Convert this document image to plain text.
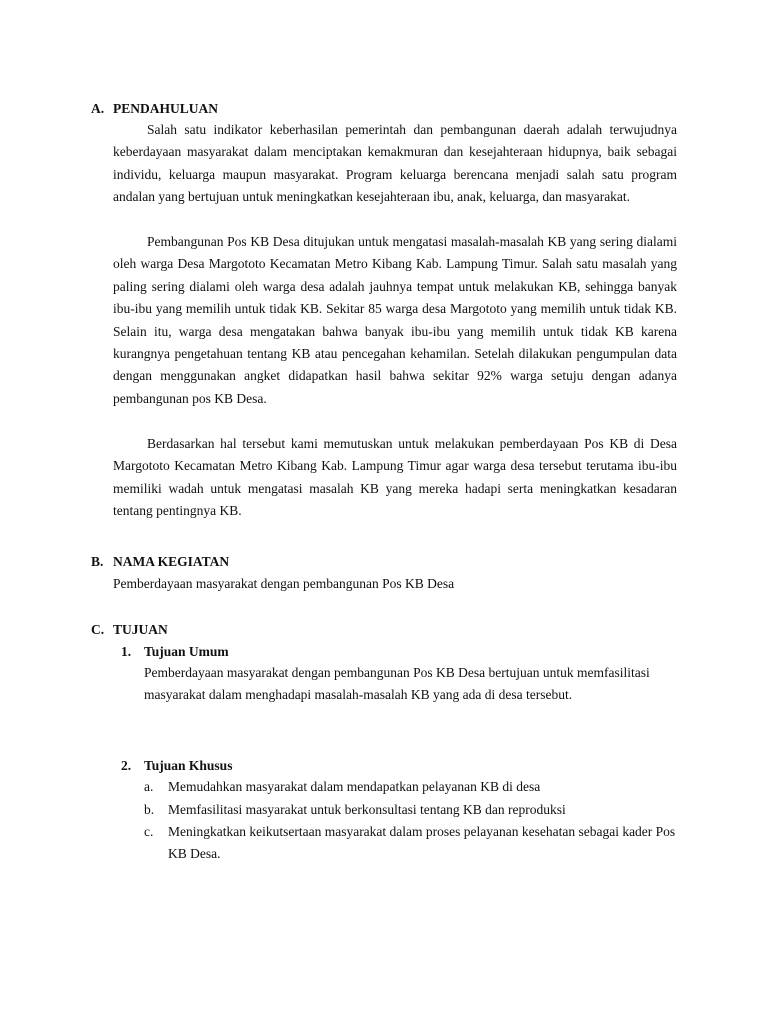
A. PENDAHULUAN

Salah satu indikator keberhasilan pemerintah dan pembangunan daerah adalah terwujudnya keberdayaan masyarakat dalam menciptakan kemakmuran dan kesejahteraan hidupnya, baik sebagai individu, keluarga maupun masyarakat. Program keluarga berencana menjadi salah satu program andalan yang bertujuan untuk meningkatkan kesejahteraan ibu, anak, keluarga, dan masyarakat.

Pembangunan Pos KB Desa ditujukan untuk mengatasi masalah-masalah KB yang sering dialami oleh warga Desa Margototo Kecamatan Metro Kibang Kab. Lampung Timur. Salah satu masalah yang paling sering dialami oleh warga desa adalah jauhnya tempat untuk melakukan KB, sehingga banyak ibu-ibu yang memilih untuk tidak KB. Sekitar 85 warga desa Margototo yang memilih untuk tidak KB. Selain itu, warga desa mengatakan bahwa banyak ibu-ibu yang memilih untuk tidak KB karena kurangnya pengetahuan tentang KB atau pencegahan kehamilan. Setelah dilakukan pengumpulan data dengan menggunakan angket didapatkan hasil bahwa sekitar 92% warga setuju dengan adanya pembangunan pos KB Desa.

Berdasarkan hal tersebut kami memutuskan untuk melakukan pemberdayaan Pos KB di Desa Margototo Kecamatan Metro Kibang Kab. Lampung Timur agar warga desa tersebut terutama ibu-ibu memiliki wadah untuk mengatasi masalah KB yang mereka hadapi serta meningkatkan kesadaran tentang pentingnya KB.

B. NAMA KEGIATAN
Pemberdayaan masyarakat dengan pembangunan Pos KB Desa
C. TUJUAN
1. Tujuan Umum

Pemberdayaan masyarakat dengan pembangunan Pos KB Desa bertujuan untuk memfasilitasi masyarakat dalam menghadapi masalah-masalah KB yang ada di desa tersebut.

2. Tujuan Khusus
a. Memudahkan masyarakat dalam mendapatkan pelayanan KB di desa
b. Memfasilitasi masyarakat untuk berkonsultasi tentang KB dan reproduksi
c. Meningkatkan keikutsertaan masyarakat dalam proses pelayanan kesehatan sebagai kader Pos KB Desa.
